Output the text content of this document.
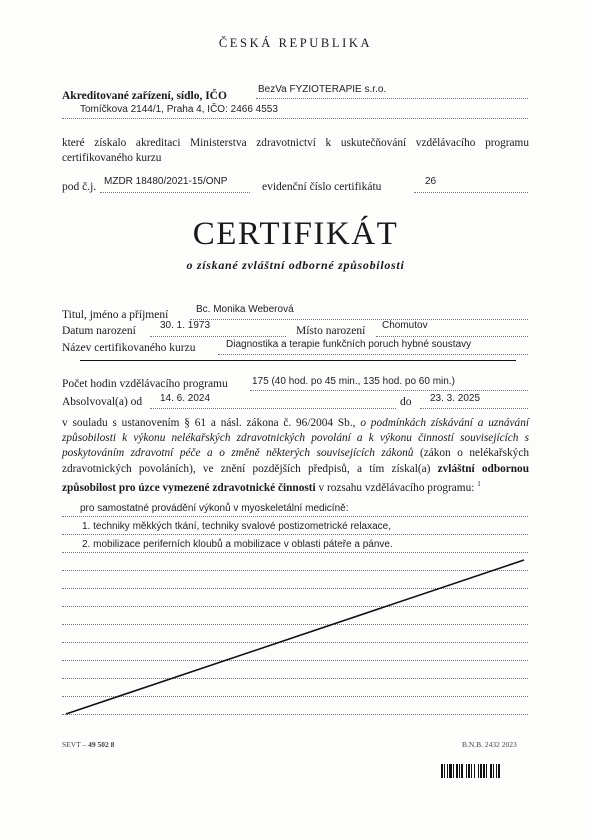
ČESKÁ REPUBLIKA
Akreditované zařízení, sídlo, IČO
BezVa FYZIOTERAPIE s.r.o.
Tomíčkova 2144/1, Praha 4, IČO: 2466 4553
které získalo akreditaci Ministerstva zdravotnictví k uskutečňování vzdělávacího programu certifikovaného kurzu
pod č.j. MZDR 18480/2021-15/ONP	evidenční číslo certifikátu	26
CERTIFIKÁT
o získané zvláštní odborné způsobilosti
Titul, jméno a příjmení	Bc. Monika Weberová
Datum narození 30. 1. 1973	Místo narození Chomutov
Název certifikovaného kurzu	Diagnostika a terapie funkčních poruch hybné soustavy
Počet hodin vzdělávacího programu 175 (40 hod. po 45 min., 135 hod. po 60 min.)
Absolvoval(a) od 14. 6. 2024	do 23. 3. 2025
v souladu s ustanovením § 61 a násl. zákona č. 96/2004 Sb., o podmínkách získávání a uznávání způsobilosti k výkonu nelékařských zdravotnických povolání a k výkonu činností souvisejících s poskytováním zdravotní péče a o změně některých souvisejících zákonů (zákon o nelékařských zdravotnických povoláních), ve znění pozdějších předpisů, a tím získal(a) zvláštní odbornou způsobilost pro úzce vymezené zdravotnické činnosti v rozsahu vzdělávacího programu: $^1$
pro samostatné provádění výkonů v myoskeletální medicíně:
1. techniky měkkých tkání, techniky svalové postizometrické relaxace,
2. mobilizace periferních kloubů a mobilizace v oblasti páteře a pánve.
SEVT – 49 502 8	B.N.B. 2432 2023
